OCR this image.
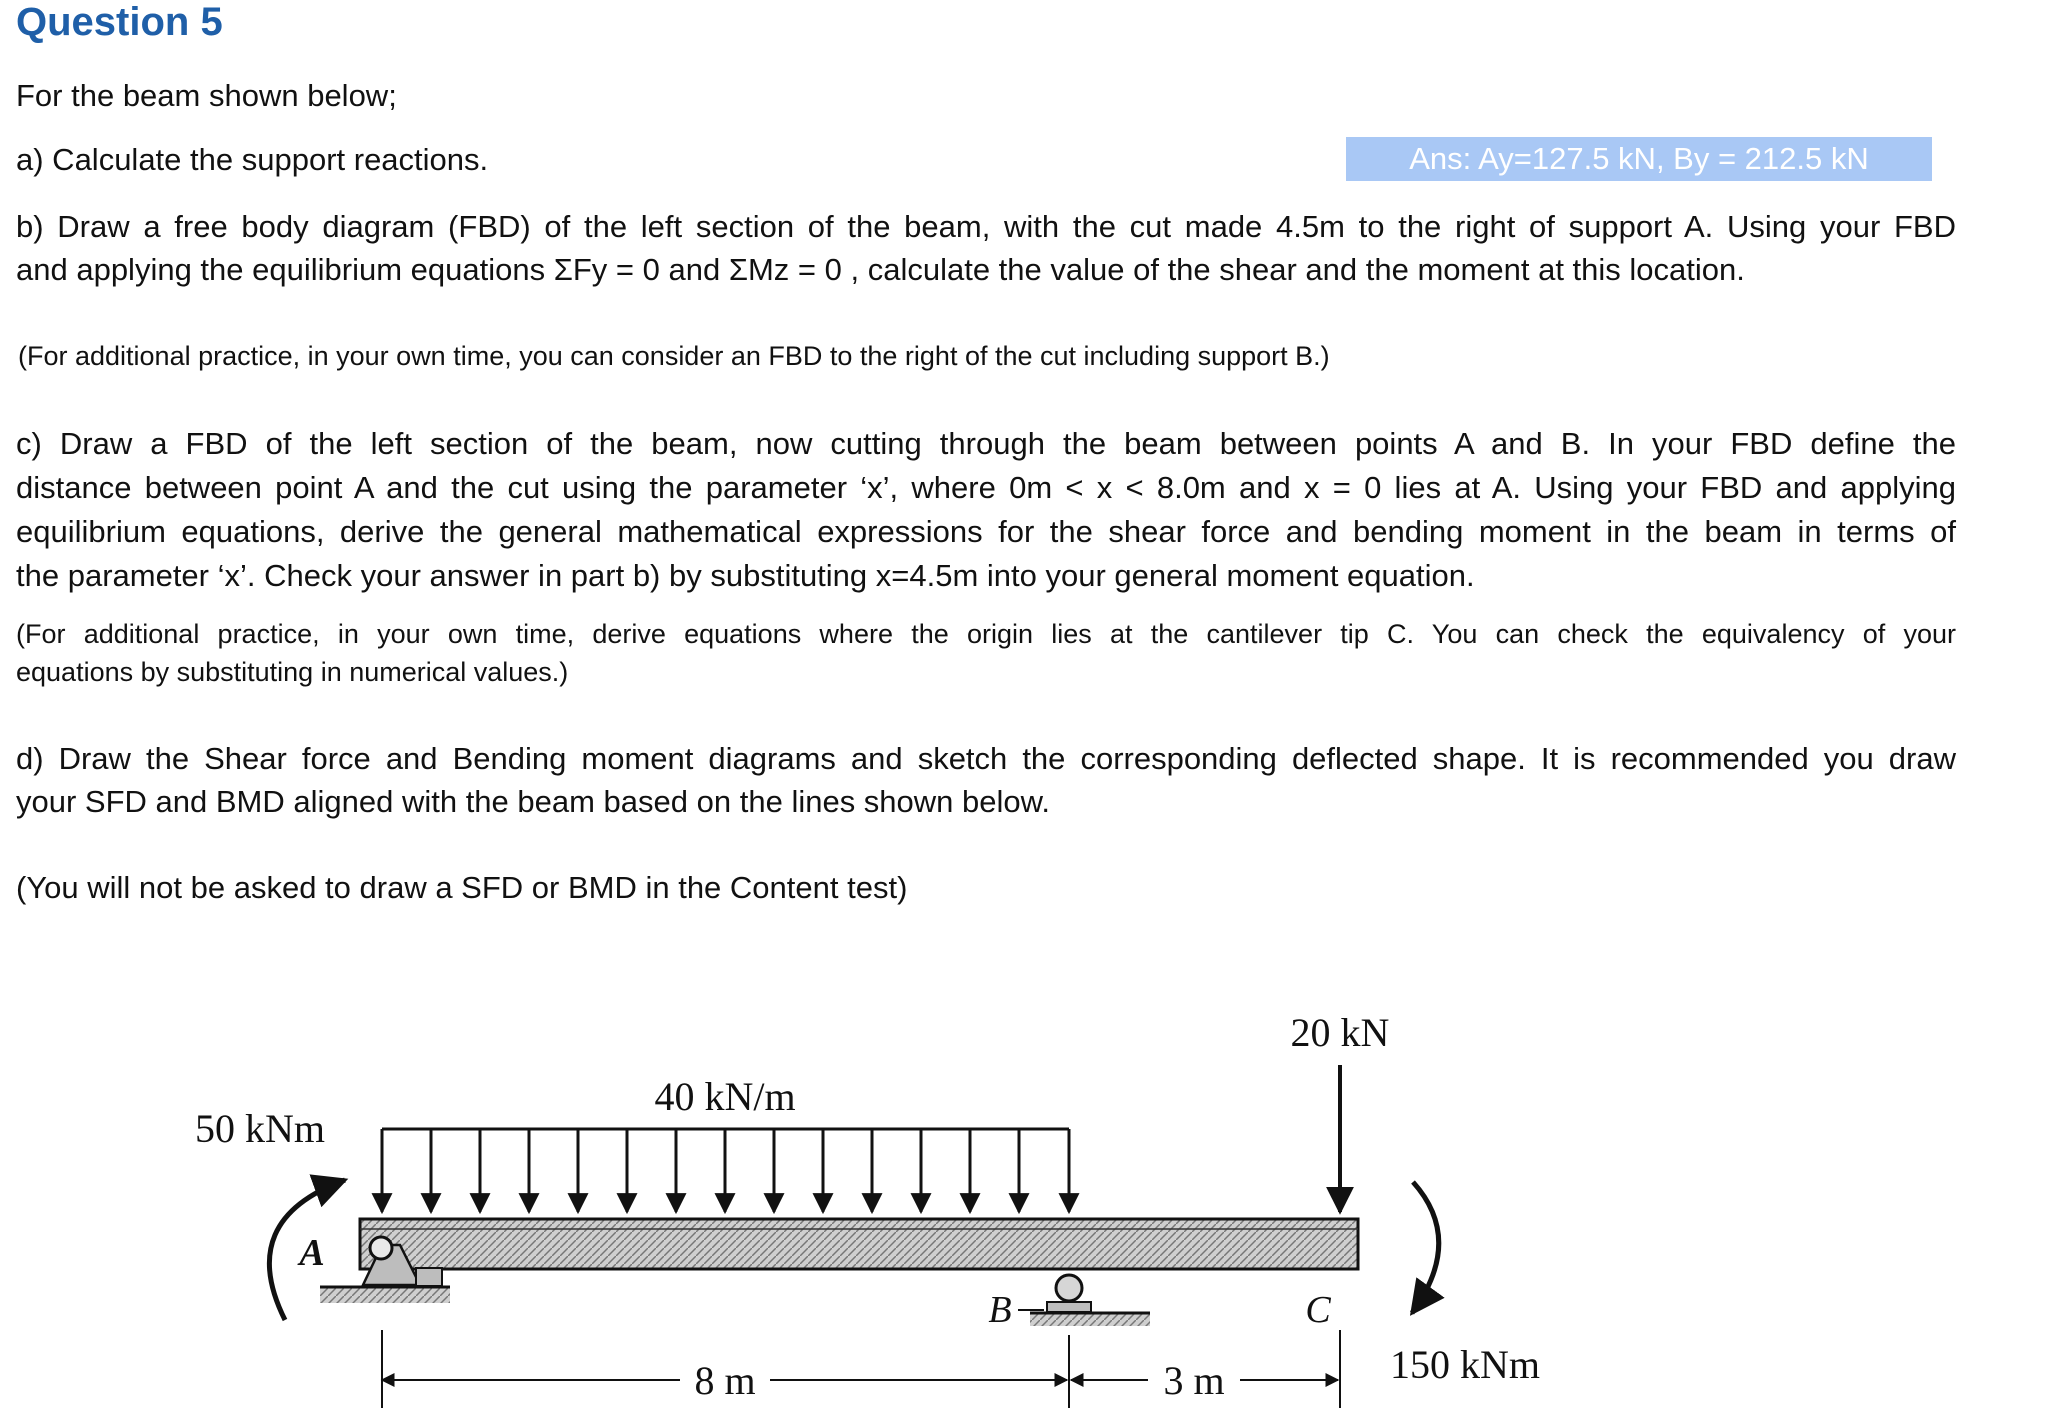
Question 5
For the beam shown below;
a) Calculate the support reactions.	Ans: Ay=127.5 kN, By = 212.5 kN
b) Draw a free body diagram (FBD) of the left section of the beam, with the cut made 4.5m to the right of support A. Using your FBD
and applying the equilibrium equations ΣFy = 0 and ΣMz = 0 , calculate the value of the shear and the moment at this location.
(For additional practice, in your own time, you can consider an FBD to the right of the cut including support B.)
c) Draw a FBD of the left section of the beam, now cutting through the beam between points A and B. In your FBD define the
distance between point A and the cut using the parameter ‘x’, where 0m < x < 8.0m and x = 0 lies at A. Using your FBD and applying
equilibrium equations, derive the general mathematical expressions for the shear force and bending moment in the beam in terms of
the parameter ‘x’. Check your answer in part b) by substituting x=4.5m into your general moment equation.
(For additional practice, in your own time, derive equations where the origin lies at the cantilever tip C. You can check the equivalency of your
equations by substituting in numerical values.)
d) Draw the Shear force and Bending moment diagrams and sketch the corresponding deflected shape. It is recommended you draw
your SFD and BMD aligned with the beam based on the lines shown below.
(You will not be asked to draw a SFD or BMD in the Content test)
40 kN/m
20 kN
50 kNm
150 kNm
A
B	C
8 m	3 m
